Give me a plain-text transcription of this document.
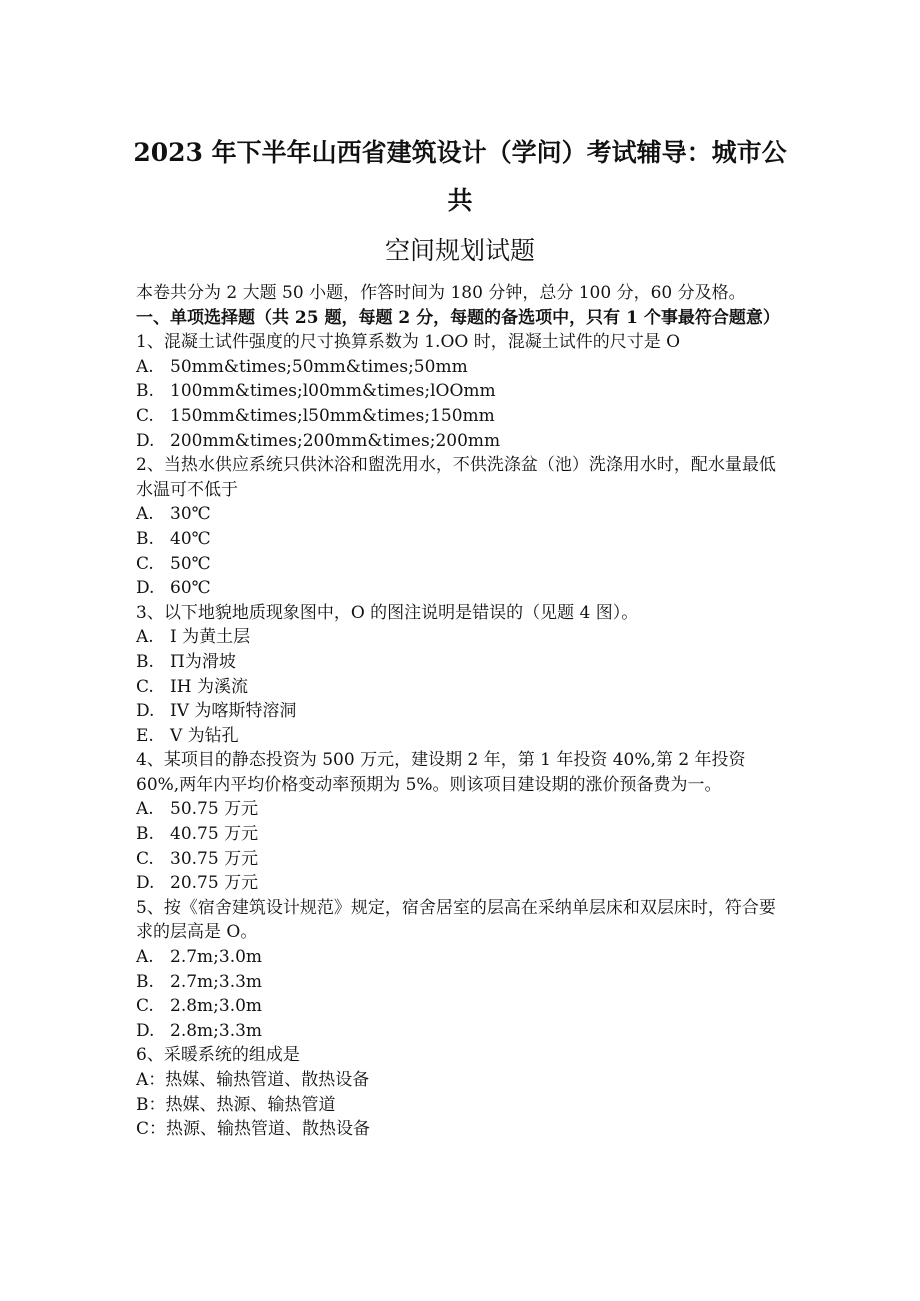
2023 年下半年山西省建筑设计（学问）考试辅导：城市公
共
空间规划试题

本卷共分为 2 大题 50 小题，作答时间为 180 分钟，总分 100 分，60 分及格。

一、单项选择题（共 25 题，每题 2 分，每题的备选项中，只有 1 个事最符合题意）

1、混凝土试件强度的尺寸换算系数为 1.OO 时，混凝土试件的尺寸是 O

A. 50mm&times;50mm&times;50mm
B. 100mm&times;l00mm&times;lOOmm
C. 150mm&times;l50mm&times;150mm
D. 200mm&times;200mm&times;200mm

2、当热水供应系统只供沐浴和盥洗用水，不供洗涤盆（池）洗涤用水时，配水量最低水温可不低于

A. 30℃
B. 40℃
C. 50℃
D. 60℃

3、以下地貌地质现象图中，O 的图注说明是错误的（见题 4 图）。

A. I 为黄土层
B. Π为滑坡
C. IH 为溪流
D. IV 为喀斯特溶洞
E. V 为钻孔

4、某项目的静态投资为 500 万元，建设期 2 年，第 1 年投资 40%,第 2 年投资 60%,两年内平均价格变动率预期为 5%。则该项目建设期的涨价预备费为一。

A. 50.75 万元
B. 40.75 万元
C. 30.75 万元
D. 20.75 万元

5、按《宿舍建筑设计规范》规定，宿舍居室的层高在采纳单层床和双层床时，符合要求的层高是 O。

A. 2.7m;3.0m
B. 2.7m;3.3m
C. 2.8m;3.0m
D. 2.8m;3.3m

6、采暖系统的组成是

A： 热媒、输热管道、散热设备
B： 热媒、热源、输热管道
C： 热源、输热管道、散热设备
